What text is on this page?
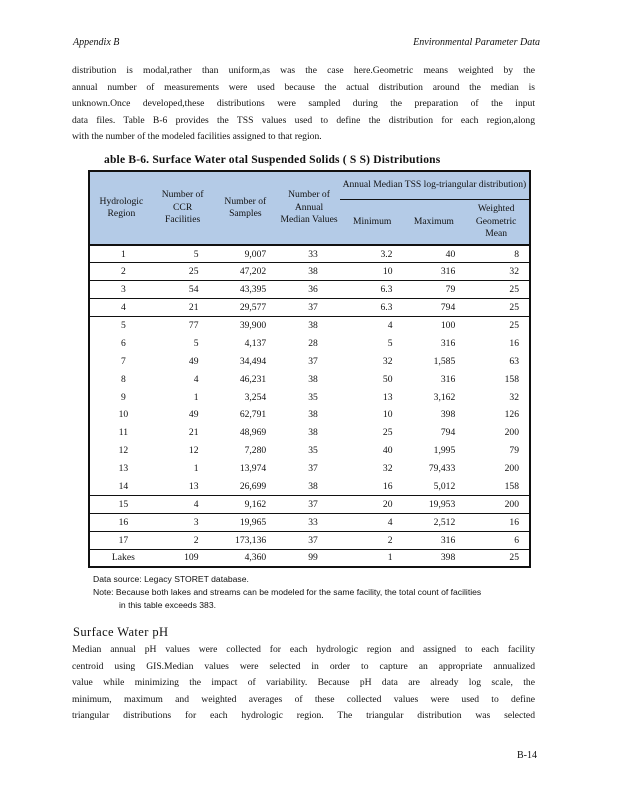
Appendix B	Environmental Parameter Data
distribution is modal,rather than uniform,as was the case here.Geometric means weighted by the
annual number of measurements were used because the actual distribution around the median is
unknown.Once developed,these distributions were sampled during the preparation of the input
data files. Table B-6 provides the TSS values used to define the distribution for each region,along
with the number of the modeled facilities assigned to that region.
able B-6. Surface Water otal Suspended Solids ( S S) Distributions
Hydrologic Region	Number of CCR Facilities	Number of Samples	Number of Annual Median Values	Annual Median TSS log-triangular distribution)		
				Minimum	Maximum	Weighted Geometric Mean
1	5	9,007	33	3.2	40	8
2	25	47,202	38	10	316	32
3	54	43,395	36	6.3	79	25
4	21	29,577	37	6.3	794	25
5	77	39,900	38	4	100	25
6	5	4,137	28	5	316	16
7	49	34,494	37	32	1,585	63
8	4	46,231	38	50	316	158
9	1	3,254	35	13	3,162	32
10	49	62,791	38	10	398	126
11	21	48,969	38	25	794	200
12	12	7,280	35	40	1,995	79
13	1	13,974	37	32	79,433	200
14	13	26,699	38	16	5,012	158
15	4	9,162	37	20	19,953	200
16	3	19,965	33	4	2,512	16
17	2	173,136	37	2	316	6
Lakes	109	4,360	99	1	398	25
Data source: Legacy STORET database.
Note: Because both lakes and streams can be modeled for the same facility, the total count of facilities
in this table exceeds 383.
Surface Water pH
Median annual pH values were collected for each hydrologic region and assigned to each facility
centroid using GIS.Median values were selected in order to capture an appropriate annualized
value while minimizing the impact of variability. Because pH data are already log scale, the
minimum, maximum and weighted averages of these collected values were used to define
triangular distributions for each hydrologic region. The triangular distribution was selected
B-14
